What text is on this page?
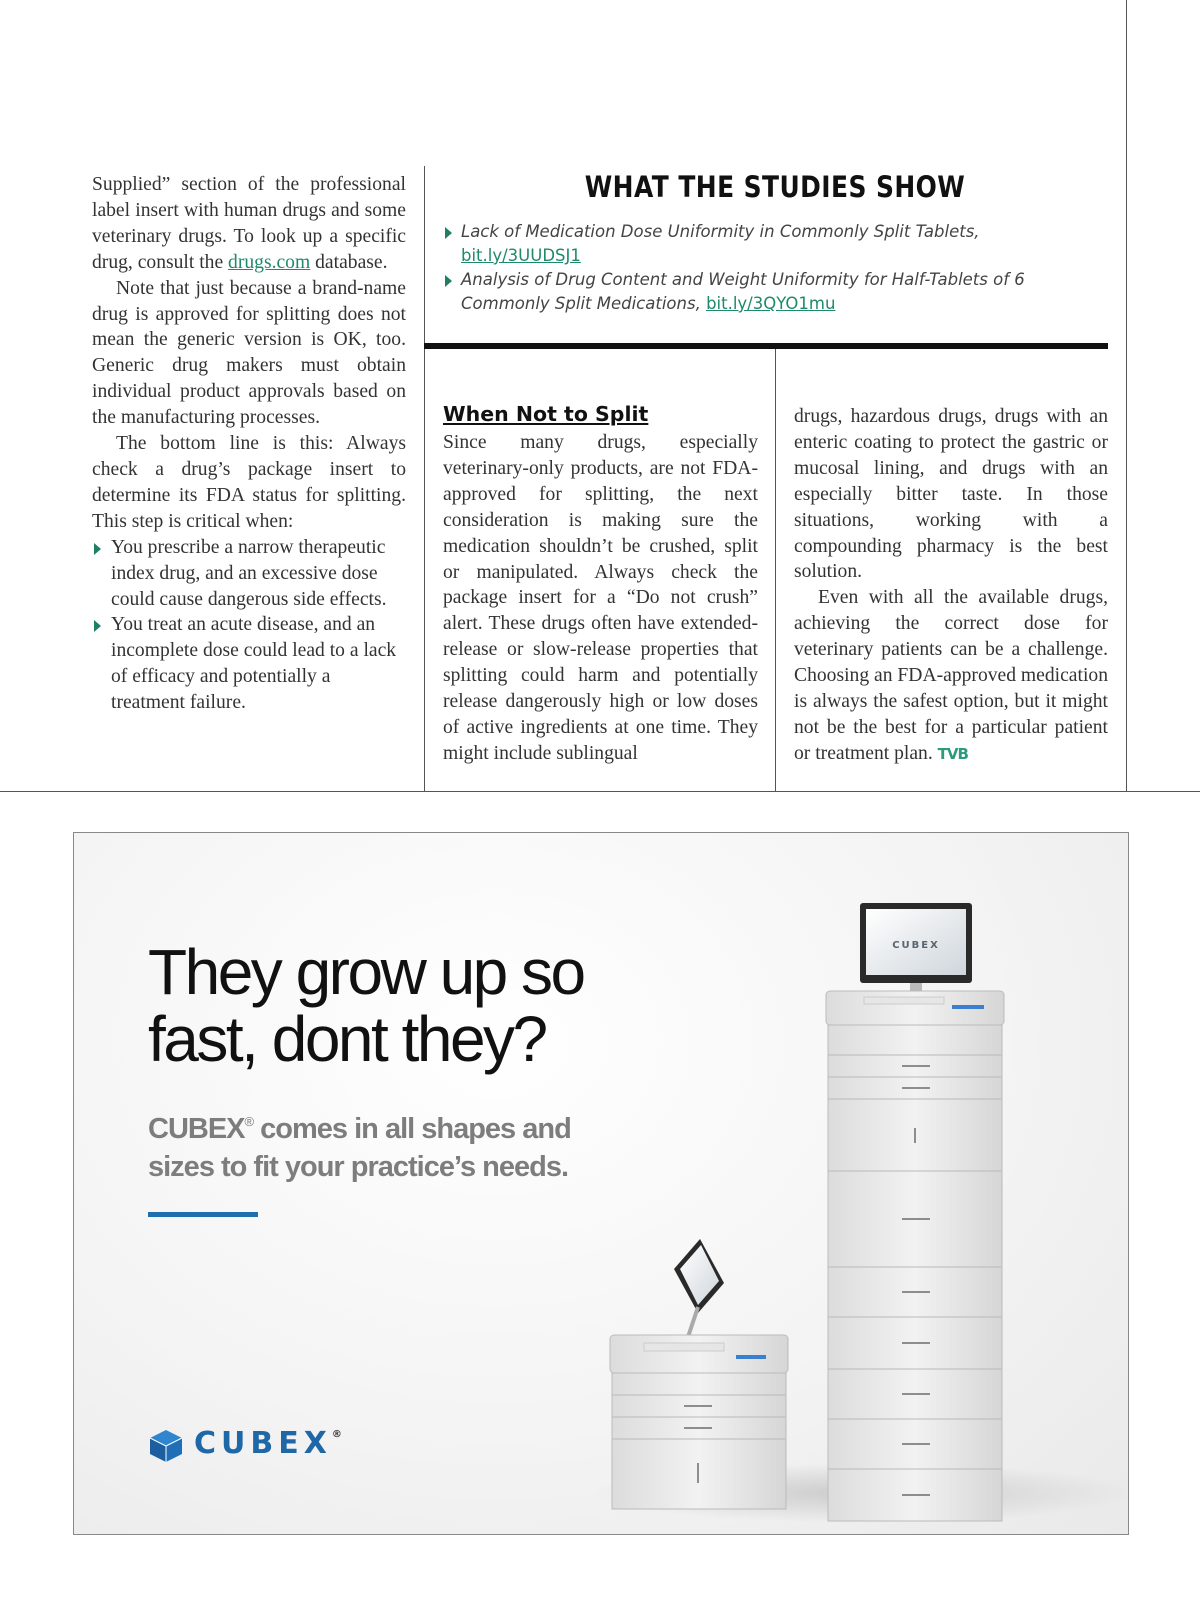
Supplied” section of the professional label insert with human drugs and some veterinary drugs. To look up a specific drug, consult the drugs.com database.

Note that just because a brand-name drug is approved for splitting does not mean the generic version is OK, too. Generic drug makers must obtain individual product approvals based on the manufacturing processes.

The bottom line is this: Always check a drug’s package insert to determine its FDA status for splitting. This step is critical when:

You prescribe a narrow therapeutic index drug, and an excessive dose could cause dangerous side effects.
You treat an acute disease, and an incomplete dose could lead to a lack of efficacy and potentially a treatment failure.
WHAT THE STUDIES SHOW
Lack of Medication Dose Uniformity in Commonly Split Tablets, bit.ly/3UUDSJ1
Analysis of Drug Content and Weight Uniformity for Half-Tablets of 6 Commonly Split Medications, bit.ly/3QYO1mu
When Not to Split

Since many drugs, especially veterinary-only products, are not FDA-approved for splitting, the next consideration is making sure the medication shouldn’t be crushed, split or manipulated. Always check the package insert for a “Do not crush” alert. These drugs often have extended-release or slow-release properties that splitting could harm and potentially release dangerously high or low doses of active ingredients at one time. They might include sublingual

drugs, hazardous drugs, drugs with an enteric coating to protect the gastric or mucosal lining, and drugs with an especially bitter taste. In those situations, working with a compounding pharmacy is the best solution.

Even with all the available drugs, achieving the correct dose for veterinary patients can be a challenge. Choosing an FDA-approved medication is always the safest option, but it might not be the best for a particular patient or treatment plan. TVB

They grow up so
fast, dont they?
CUBEX® comes in all shapes and
sizes to fit your practice’s needs.
CUBEX
CUBEX®
